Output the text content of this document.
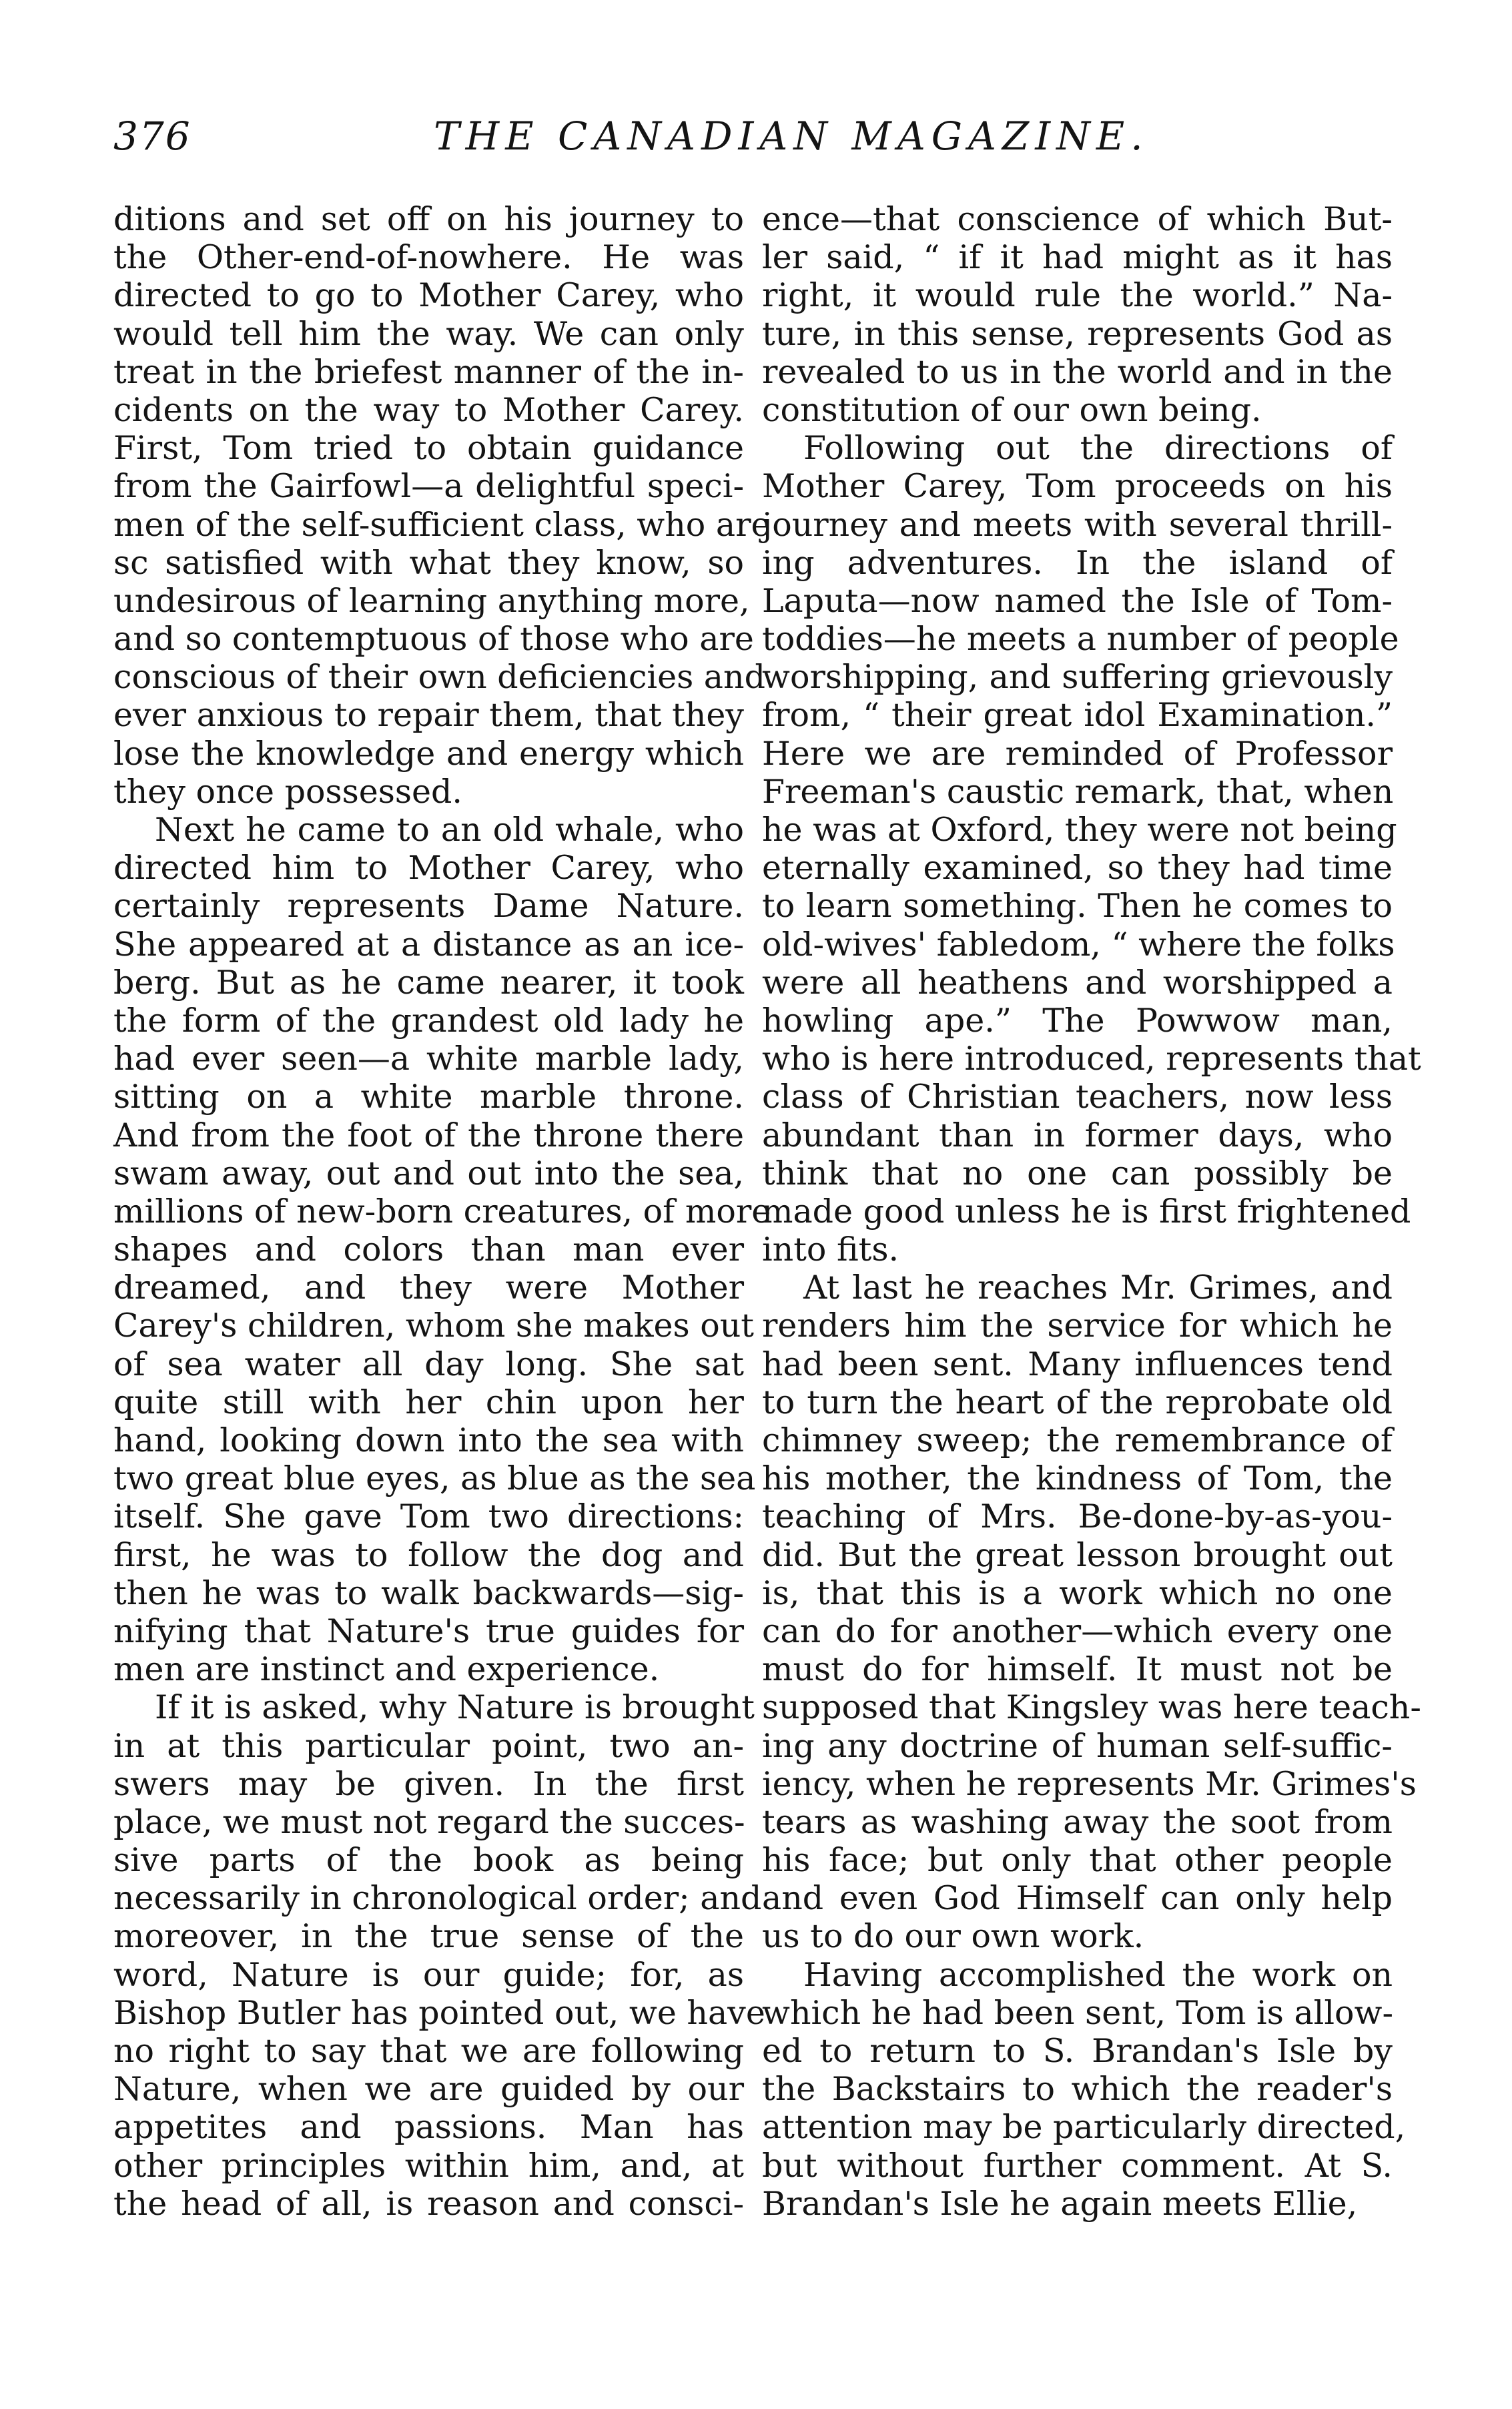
376	THE CANADIAN MAGAZINE.
ditions and set off on his journey to
the Other-end-of-nowhere. He was
directed to go to Mother Carey, who
would tell him the way. We can only
treat in the briefest manner of the in-
cidents on the way to Mother Carey.
First, Tom tried to obtain guidance
from the Gairfowl—a delightful speci-
men of the self-sufficient class, who are
sc satisfied with what they know, so
undesirous of learning anything more,
and so contemptuous of those who are
conscious of their own deficiencies and
ever anxious to repair them, that they
lose the knowledge and energy which
they once possessed.
Next he came to an old whale, who
directed him to Mother Carey, who
certainly represents Dame Nature.
She appeared at a distance as an ice-
berg. But as he came nearer, it took
the form of the grandest old lady he
had ever seen—a white marble lady,
sitting on a white marble throne.
And from the foot of the throne there
swam away, out and out into the sea,
millions of new-born creatures, of more
shapes and colors than man ever
dreamed, and they were Mother
Carey's children, whom she makes out
of sea water all day long. She sat
quite still with her chin upon her
hand, looking down into the sea with
two great blue eyes, as blue as the sea
itself. She gave Tom two directions:
first, he was to follow the dog and
then he was to walk backwards—sig-
nifying that Nature's true guides for
men are instinct and experience.
If it is asked, why Nature is brought
in at this particular point, two an-
swers may be given. In the first
place, we must not regard the succes-
sive parts of the book as being
necessarily in chronological order; and
moreover, in the true sense of the
word, Nature is our guide; for, as
Bishop Butler has pointed out, we have
no right to say that we are following
Nature, when we are guided by our
appetites and passions. Man has
other principles within him, and, at
the head of all, is reason and consci-
ence—that conscience of which But-
ler said, “ if it had might as it has
right, it would rule the world.” Na-
ture, in this sense, represents God as
revealed to us in the world and in the
constitution of our own being.
Following out the directions of
Mother Carey, Tom proceeds on his
journey and meets with several thrill-
ing adventures. In the island of
Laputa—now named the Isle of Tom-
toddies—he meets a number of people
worshipping, and suffering grievously
from, “ their great idol Examination.”
Here we are reminded of Professor
Freeman's caustic remark, that, when
he was at Oxford, they were not being
eternally examined, so they had time
to learn something. Then he comes to
old-wives' fabledom, “ where the folks
were all heathens and worshipped a
howling ape.” The Powwow man,
who is here introduced, represents that
class of Christian teachers, now less
abundant than in former days, who
think that no one can possibly be
made good unless he is first frightened
into fits.
At last he reaches Mr. Grimes, and
renders him the service for which he
had been sent. Many influences tend
to turn the heart of the reprobate old
chimney sweep; the remembrance of
his mother, the kindness of Tom, the
teaching of Mrs. Be-done-by-as-you-
did. But the great lesson brought out
is, that this is a work which no one
can do for another—which every one
must do for himself. It must not be
supposed that Kingsley was here teach-
ing any doctrine of human self-suffic-
iency, when he represents Mr. Grimes's
tears as washing away the soot from
his face; but only that other people
and even God Himself can only help
us to do our own work.
Having accomplished the work on
which he had been sent, Tom is allow-
ed to return to S. Brandan's Isle by
the Backstairs to which the reader's
attention may be particularly directed,
but without further comment. At S.
Brandan's Isle he again meets Ellie,
